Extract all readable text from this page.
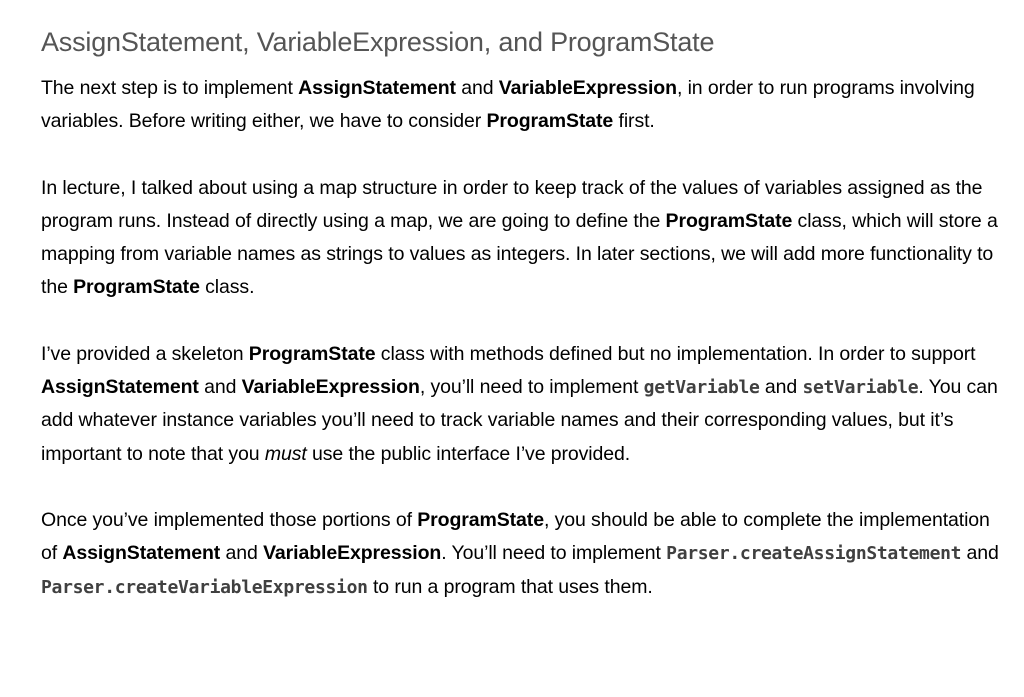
AssignStatement, VariableExpression, and ProgramState

The next step is to implement AssignStatement and VariableExpression, in order to run programs involving variables. Before writing either, we have to consider ProgramState first.

In lecture, I talked about using a map structure in order to keep track of the values of variables assigned as the program runs. Instead of directly using a map, we are going to define the ProgramState class, which will store a mapping from variable names as strings to values as integers. In later sections, we will add more functionality to the ProgramState class.

I’ve provided a skeleton ProgramState class with methods defined but no implementation. In order to support AssignStatement and VariableExpression, you’ll need to implement getVariable and setVariable. You can add whatever instance variables you’ll need to track variable names and their corresponding values, but it’s important to note that you must use the public interface I’ve provided.

Once you’ve implemented those portions of ProgramState, you should be able to complete the implementation of AssignStatement and VariableExpression. You’ll need to implement Parser.createAssignStatement and Parser.createVariableExpression to run a program that uses them.
